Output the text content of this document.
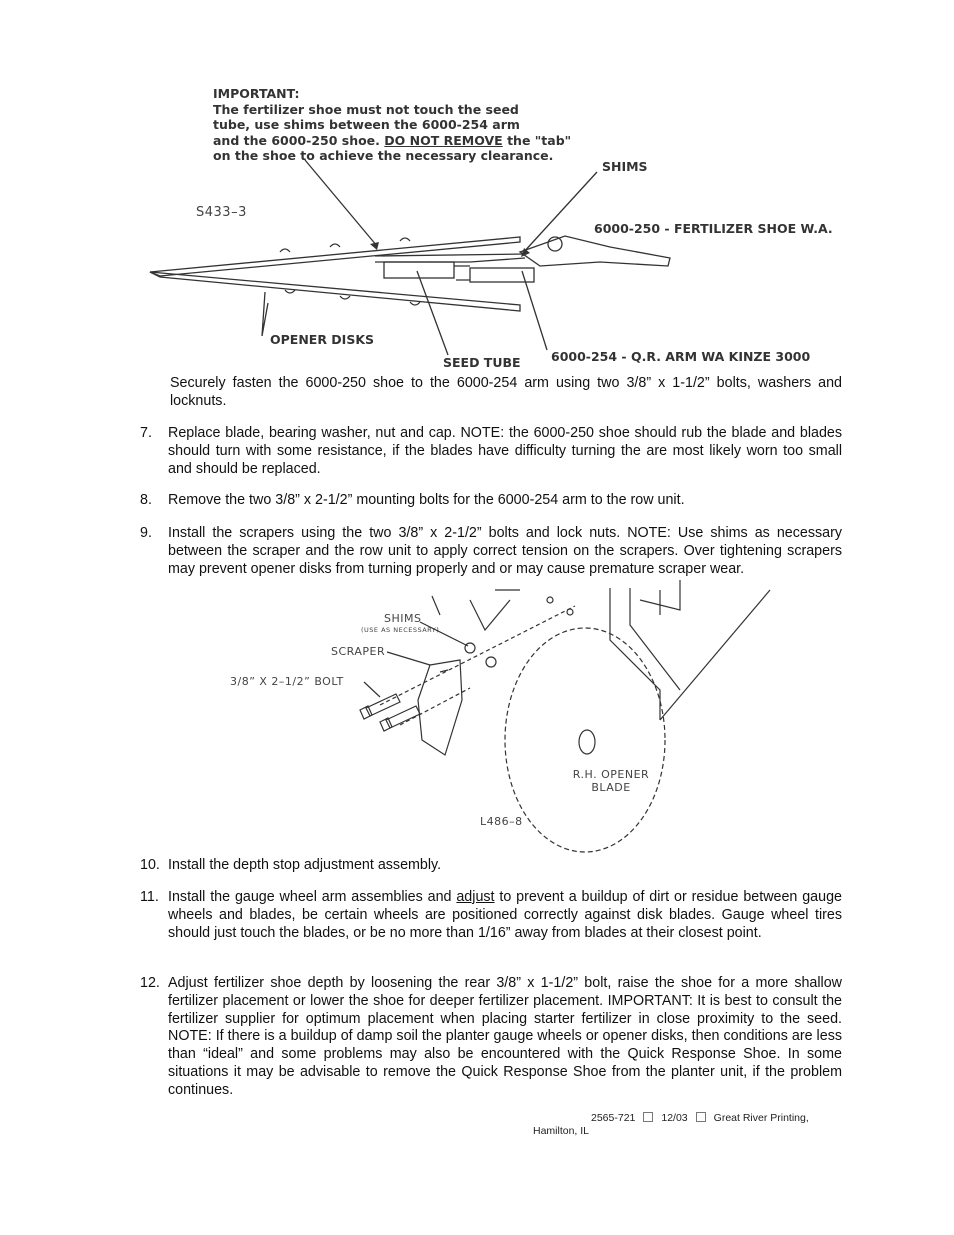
IMPORTANT:
The fertilizer shoe must not touch the seed
tube, use shims between the 6000-254 arm
and the 6000-250 shoe. DO NOT REMOVE the "tab"
on the shoe to achieve the necessary clearance.
SHIMS
S433–3
6000-250 - FERTILIZER SHOE W.A.
OPENER DISKS
SEED TUBE 6000-254 - Q.R. ARM WA KINZE 3000
Securely fasten the 6000-250 shoe to the 6000-254 arm using two 3/8” x 1-1/2” bolts, washers and locknuts.
7. Replace blade, bearing washer, nut and cap. NOTE: the 6000-250 shoe should rub the blade and blades should turn with some resistance, if the blades have difficulty turning the are most likely worn too small and should be replaced.
8. Remove the two 3/8” x 2-1/2” mounting bolts for the 6000-254 arm to the row unit.
9. Install the scrapers using the two 3/8” x 2-1/2” bolts and lock nuts. NOTE: Use shims as necessary between the scraper and the row unit to apply correct tension on the scrapers. Over tightening scrapers may prevent opener disks from turning properly and or may cause premature scraper wear.
SHIMS
(USE AS NECESSARY)
SCRAPER
3/8” X 2–1/2” BOLT
R.H. OPENER
BLADE
L486–8
10. Install the depth stop adjustment assembly.
11. Install the gauge wheel arm assemblies and adjust to prevent a buildup of dirt or residue between gauge wheels and blades, be certain wheels are positioned correctly against disk blades. Gauge wheel tires should just touch the blades, or be no more than 1/16” away from blades at their closest point.
12. Adjust fertilizer shoe depth by loosening the rear 3/8” x 1-1/2” bolt, raise the shoe for a more shallow fertilizer placement or lower the shoe for deeper fertilizer placement. IMPORTANT: It is best to consult the fertilizer supplier for optimum placement when placing starter fertilizer in close proximity to the seed. NOTE: If there is a buildup of damp soil the planter gauge wheels or opener disks, then conditions are less than “ideal” and some problems may also be encountered with the Quick Response Shoe. In some situations it may be advisable to remove the Quick Response Shoe from the planter unit, if the problem continues.
2565-721 12/03 Great River Printing,
Hamilton, IL
